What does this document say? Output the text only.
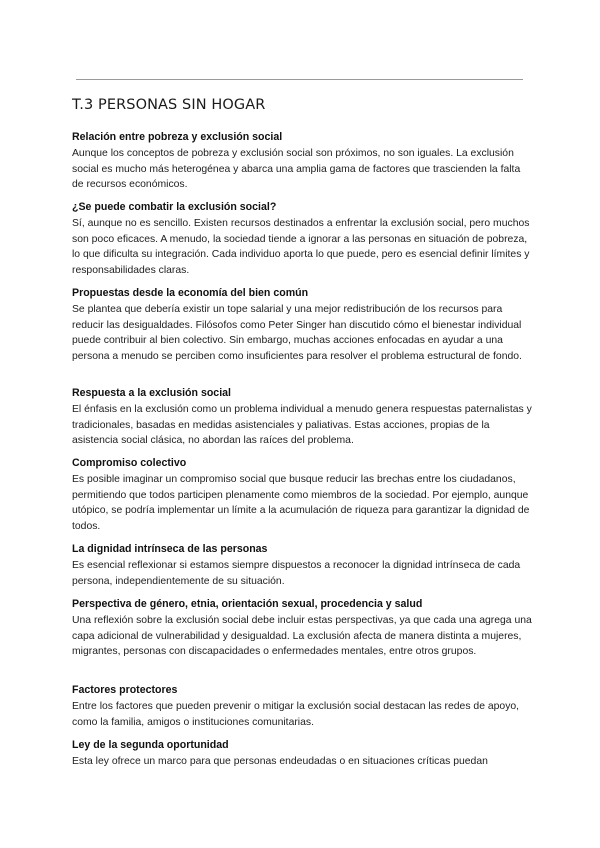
T.3 PERSONAS SIN HOGAR
Relación entre pobreza y exclusión social

Aunque los conceptos de pobreza y exclusión social son próximos, no son iguales. La exclusión social es mucho más heterogénea y abarca una amplia gama de factores que trascienden la falta de recursos económicos.

¿Se puede combatir la exclusión social?

Sí, aunque no es sencillo. Existen recursos destinados a enfrentar la exclusión social, pero muchos son poco eficaces. A menudo, la sociedad tiende a ignorar a las personas en situación de pobreza, lo que dificulta su integración. Cada individuo aporta lo que puede, pero es esencial definir límites y responsabilidades claras.

Propuestas desde la economía del bien común

Se plantea que debería existir un tope salarial y una mejor redistribución de los recursos para reducir las desigualdades. Filósofos como Peter Singer han discutido cómo el bienestar individual puede contribuir al bien colectivo. Sin embargo, muchas acciones enfocadas en ayudar a una persona a menudo se perciben como insuficientes para resolver el problema estructural de fondo.

Respuesta a la exclusión social

El énfasis en la exclusión como un problema individual a menudo genera respuestas paternalistas y tradicionales, basadas en medidas asistenciales y paliativas. Estas acciones, propias de la asistencia social clásica, no abordan las raíces del problema.

Compromiso colectivo

Es posible imaginar un compromiso social que busque reducir las brechas entre los ciudadanos, permitiendo que todos participen plenamente como miembros de la sociedad. Por ejemplo, aunque utópico, se podría implementar un límite a la acumulación de riqueza para garantizar la dignidad de todos.

La dignidad intrínseca de las personas

Es esencial reflexionar si estamos siempre dispuestos a reconocer la dignidad intrínseca de cada persona, independientemente de su situación.

Perspectiva de género, etnia, orientación sexual, procedencia y salud

Una reflexión sobre la exclusión social debe incluir estas perspectivas, ya que cada una agrega una capa adicional de vulnerabilidad y desigualdad. La exclusión afecta de manera distinta a mujeres, migrantes, personas con discapacidades o enfermedades mentales, entre otros grupos.

Factores protectores

Entre los factores que pueden prevenir o mitigar la exclusión social destacan las redes de apoyo, como la familia, amigos o instituciones comunitarias.

Ley de la segunda oportunidad

Esta ley ofrece un marco para que personas endeudadas o en situaciones críticas puedan
